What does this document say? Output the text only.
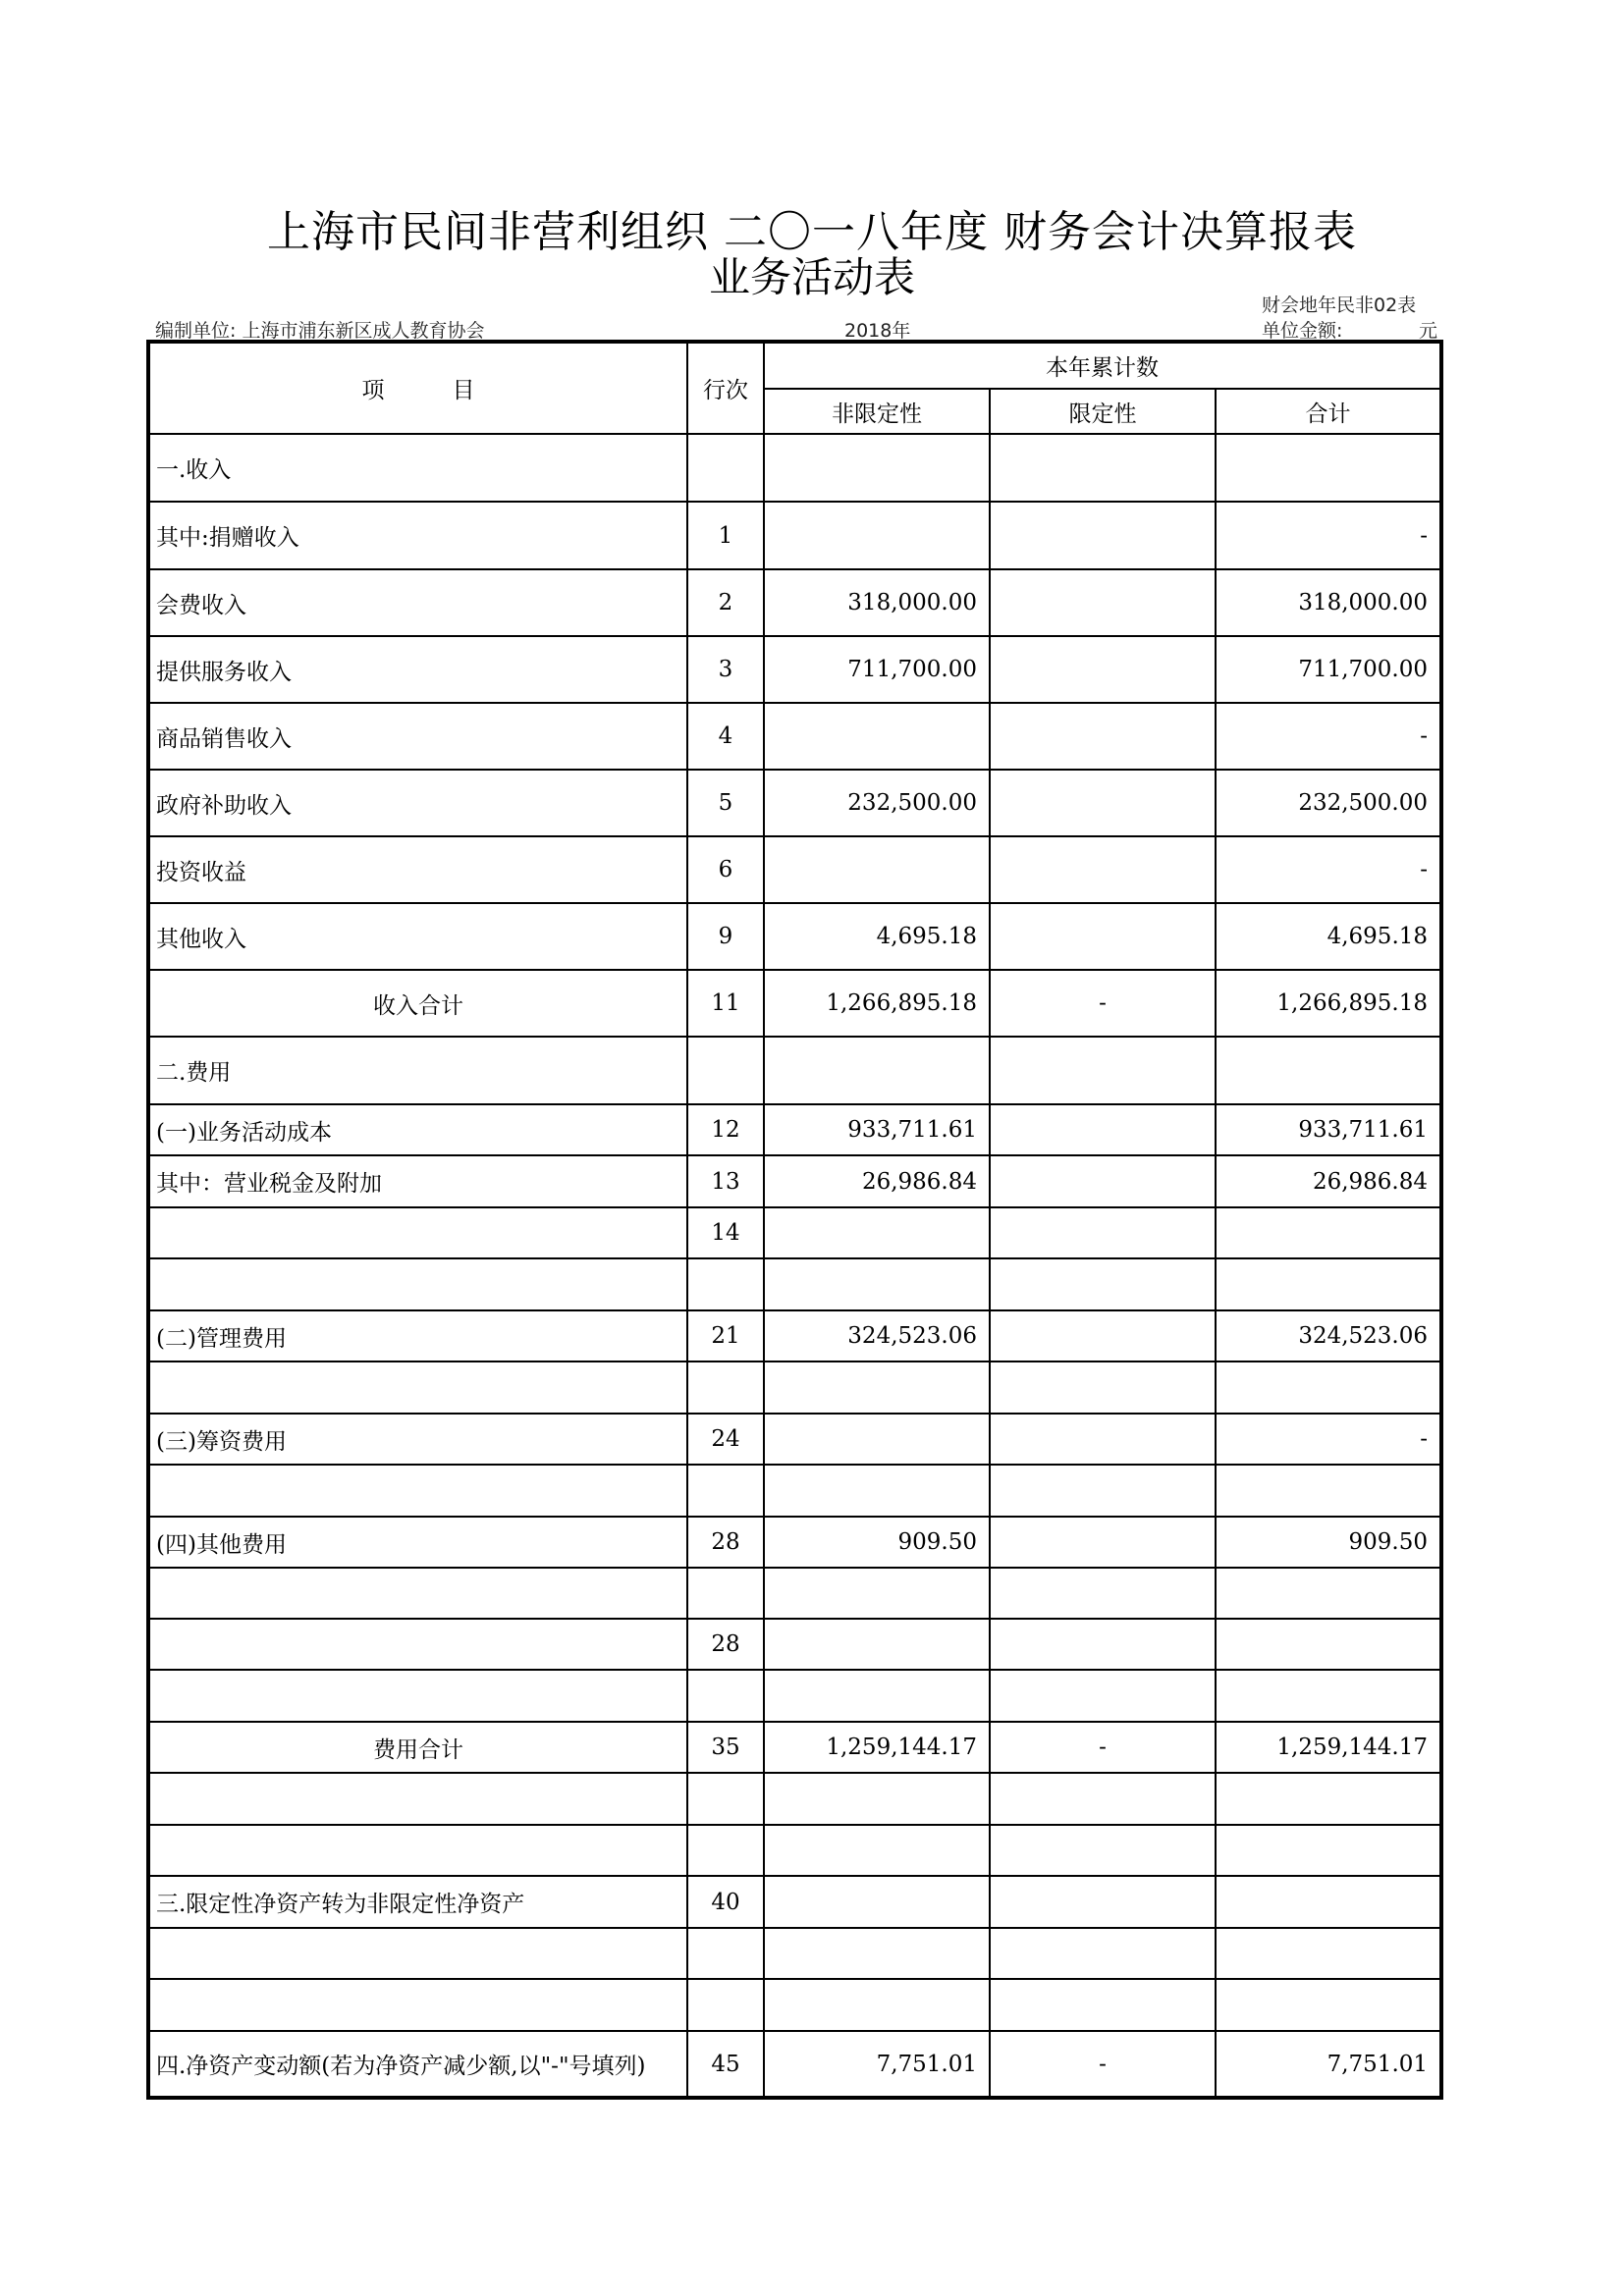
上海市民间非营利组织 二〇一八年度 财务会计决算报表
业务活动表
财会地年民非02表
编制单位: 上海市浦东新区成人教育协会	2018年	单位金额:	元
项　　　目	行次	本年累计数		
		非限定性	限定性	合计
一.收入				
其中:捐赠收入	1			-
会费收入	2	318,000.00		318,000.00
提供服务收入	3	711,700.00		711,700.00
商品销售收入	4			-
政府补助收入	5	232,500.00		232,500.00
投资收益	6			-
其他收入	9	4,695.18		4,695.18
收入合计	11	1,266,895.18	-	1,266,895.18
二.费用				
(一)业务活动成本	12	933,711.61		933,711.61
其中：营业税金及附加	13	26,986.84		26,986.84
	14			

(二)管理费用	21	324,523.06		324,523.06

(三)筹资费用	24			-

(四)其他费用	28	909.50		909.50

	28			

费用合计	35	1,259,144.17	-	1,259,144.17

三.限定性净资产转为非限定性净资产	40			

四.净资产变动额(若为净资产减少额,以"-"号填列)	45	7,751.01	-	7,751.01
